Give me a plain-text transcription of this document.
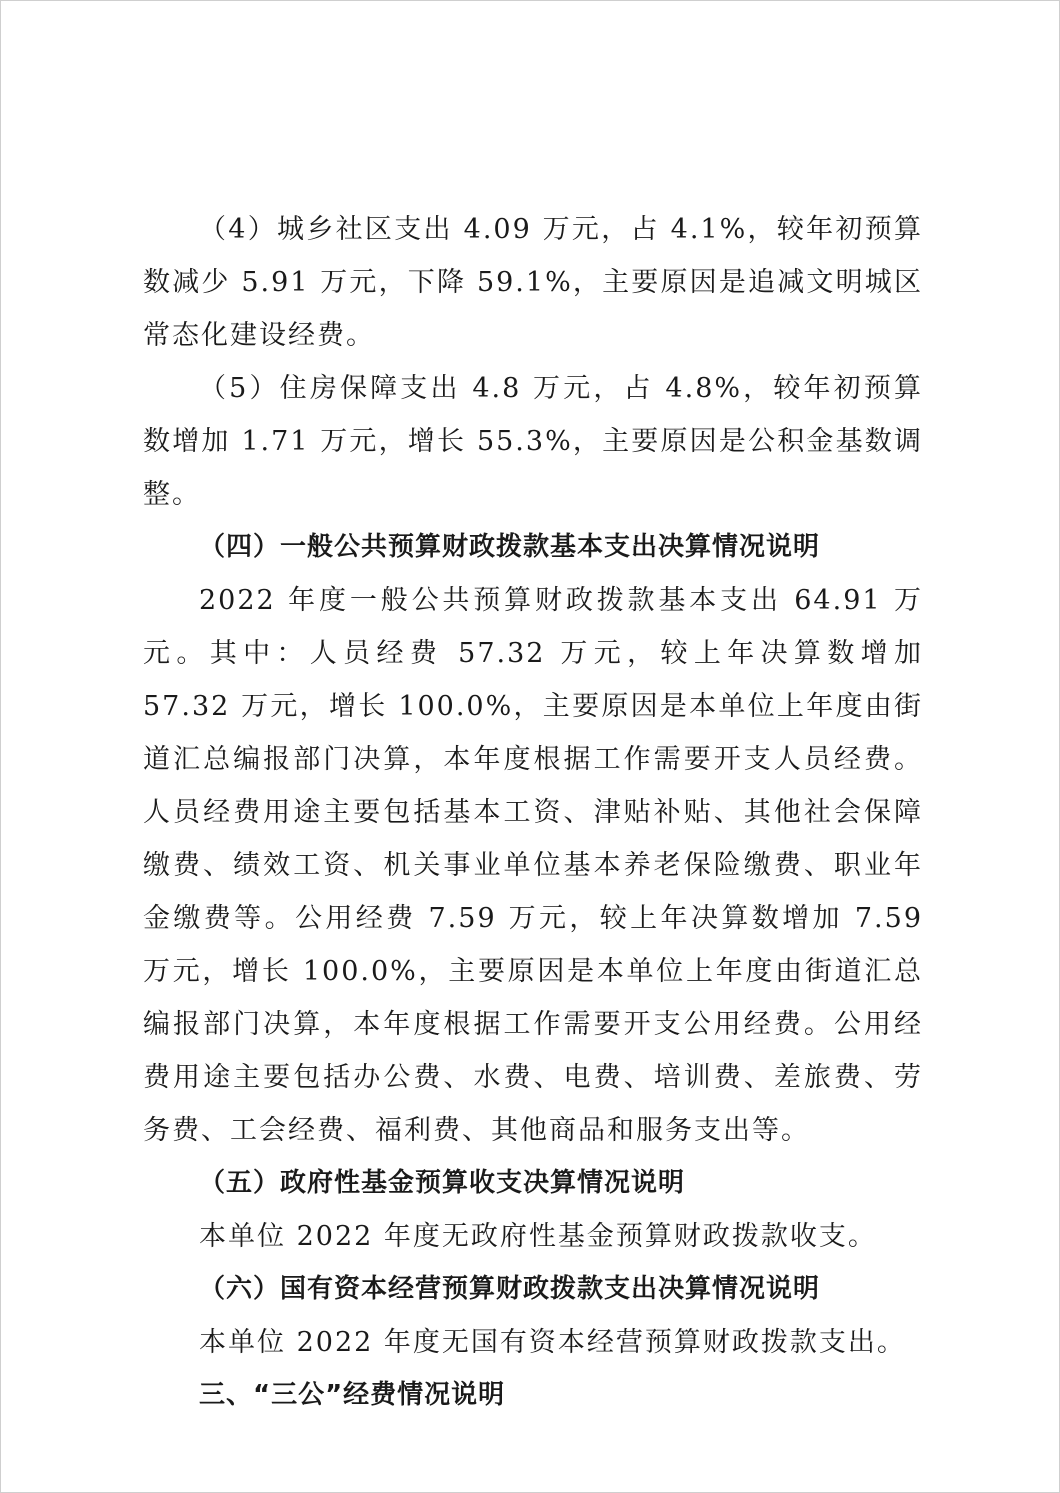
（4）城乡社区支出 4.09 万元，占 4.1%，较年初预算数减少 5.91 万元，下降 59.1%，主要原因是追减文明城区常态化建设经费。

（5）住房保障支出 4.8 万元，占 4.8%，较年初预算数增加 1.71 万元，增长 55.3%，主要原因是公积金基数调整。

（四）一般公共预算财政拨款基本支出决算情况说明

2022 年度一般公共预算财政拨款基本支出 64.91 万元。其中：人员经费 57.32 万元，较上年决算数增加 57.32 万元，增长 100.0%，主要原因是本单位上年度由街道汇总编报部门决算，本年度根据工作需要开支人员经费。人员经费用途主要包括基本工资、津贴补贴、其他社会保障缴费、绩效工资、机关事业单位基本养老保险缴费、职业年金缴费等。公用经费 7.59 万元，较上年决算数增加 7.59 万元，增长 100.0%，主要原因是本单位上年度由街道汇总编报部门决算，本年度根据工作需要开支公用经费。公用经费用途主要包括办公费、水费、电费、培训费、差旅费、劳务费、工会经费、福利费、其他商品和服务支出等。

（五）政府性基金预算收支决算情况说明

本单位 2022 年度无政府性基金预算财政拨款收支。

（六）国有资本经营预算财政拨款支出决算情况说明

本单位 2022 年度无国有资本经营预算财政拨款支出。

三、“三公”经费情况说明
